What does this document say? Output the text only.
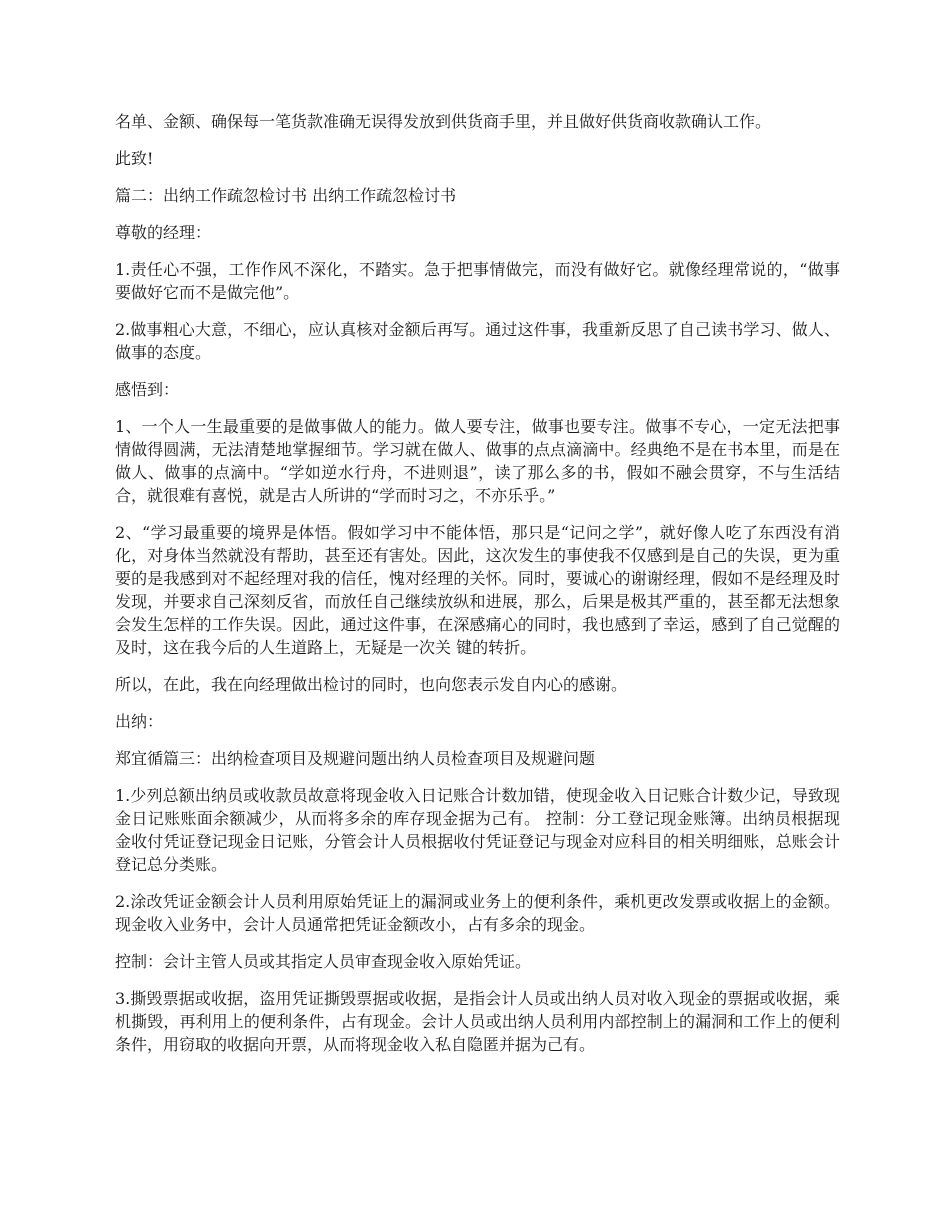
名单、金额、确保每一笔货款准确无误得发放到供货商手里，并且做好供货商收款确认工作。

此致!

篇二：出纳工作疏忽检讨书 出纳工作疏忽检讨书

尊敬的经理：

1.责任心不强，工作作风不深化，不踏实。急于把事情做完，而没有做好它。就像经理常说的，“做事要做好它而不是做完他”。

2.做事粗心大意，不细心，应认真核对金额后再写。通过这件事，我重新反思了自己读书学习、做人、做事的态度。

感悟到：

1、一个人一生最重要的是做事做人的能力。做人要专注，做事也要专注。做事不专心，一定无法把事情做得圆满，无法清楚地掌握细节。学习就在做人、做事的点点滴滴中。经典绝不是在书本里，而是在做人、做事的点滴中。“学如逆水行舟，不进则退”，读了那么多的书，假如不融会贯穿，不与生活结合，就很难有喜悦，就是古人所讲的“学而时习之，不亦乐乎。”

2、“学习最重要的境界是体悟。假如学习中不能体悟，那只是“记问之学”，就好像人吃了东西没有消化，对身体当然就没有帮助，甚至还有害处。因此，这次发生的事使我不仅感到是自己的失误，更为重要的是我感到对不起经理对我的信任，愧对经理的关怀。同时，要诚心的谢谢经理，假如不是经理及时发现，并要求自己深刻反省，而放任自己继续放纵和进展，那么，后果是极其严重的，甚至都无法想象会发生怎样的工作失误。因此，通过这件事，在深感痛心的同时，我也感到了幸运，感到了自己觉醒的及时，这在我今后的人生道路上，无疑是一次关 键的转折。

所以，在此，我在向经理做出检讨的同时，也向您表示发自内心的感谢。

出纳：

郑宜循篇三：出纳检查项目及规避问题出纳人员检查项目及规避问题

1.少列总额出纳员或收款员故意将现金收入日记账合计数加错，使现金收入日记账合计数少记，导致现金日记账账面余额减少，从而将多余的库存现金据为己有。 控制：分工登记现金账簿。出纳员根据现金收付凭证登记现金日记账，分管会计人员根据收付凭证登记与现金对应科目的相关明细账，总账会计登记总分类账。

2.涂改凭证金额会计人员利用原始凭证上的漏洞或业务上的便利条件，乘机更改发票或收据上的金额。现金收入业务中，会计人员通常把凭证金额改小，占有多余的现金。

控制：会计主管人员或其指定人员审查现金收入原始凭证。

3.撕毁票据或收据，盗用凭证撕毁票据或收据，是指会计人员或出纳人员对收入现金的票据或收据，乘机撕毁，再利用上的便利条件，占有现金。会计人员或出纳人员利用内部控制上的漏洞和工作上的便利条件，用窃取的收据向开票，从而将现金收入私自隐匿并据为己有。
